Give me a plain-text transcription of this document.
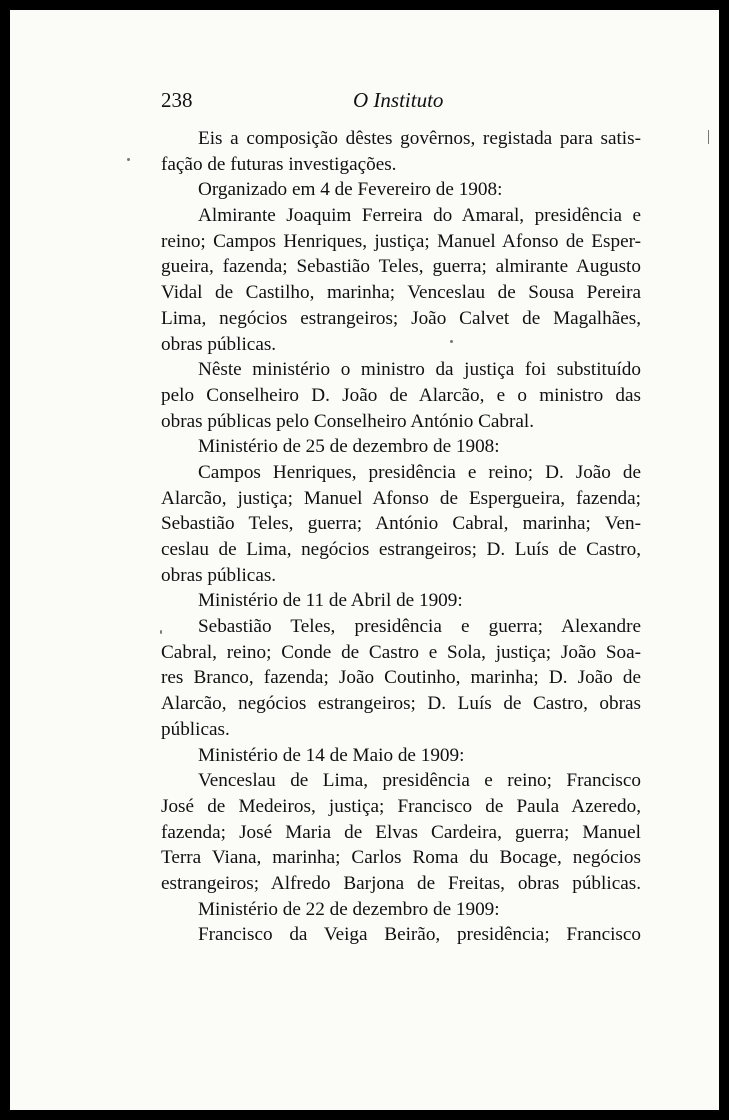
238	O Instituto
Eis a composição dêstes govêrnos, registada para satis-
fação de futuras investigações.
Organizado em 4 de Fevereiro de 1908:
Almirante Joaquim Ferreira do Amaral, presidência e
reino; Campos Henriques, justiça; Manuel Afonso de Esper-
gueira, fazenda; Sebastião Teles, guerra; almirante Augusto
Vidal de Castilho, marinha; Venceslau de Sousa Pereira
Lima, negócios estrangeiros; João Calvet de Magalhães,
obras públicas.
Nêste ministério o ministro da justiça foi substituído
pelo Conselheiro D. João de Alarcão, e o ministro das
obras públicas pelo Conselheiro António Cabral.
Ministério de 25 de dezembro de 1908:
Campos Henriques, presidência e reino; D. João de
Alarcão, justiça; Manuel Afonso de Espergueira, fazenda;
Sebastião Teles, guerra; António Cabral, marinha; Ven-
ceslau de Lima, negócios estrangeiros; D. Luís de Castro,
obras públicas.
Ministério de 11 de Abril de 1909:
Sebastião Teles, presidência e guerra; Alexandre
Cabral, reino; Conde de Castro e Sola, justiça; João Soa-
res Branco, fazenda; João Coutinho, marinha; D. João de
Alarcão, negócios estrangeiros; D. Luís de Castro, obras
públicas.
Ministério de 14 de Maio de 1909:
Venceslau de Lima, presidência e reino; Francisco
José de Medeiros, justiça; Francisco de Paula Azeredo,
fazenda; José Maria de Elvas Cardeira, guerra; Manuel
Terra Viana, marinha; Carlos Roma du Bocage, negócios
estrangeiros; Alfredo Barjona de Freitas, obras públicas.
Ministério de 22 de dezembro de 1909:
Francisco da Veiga Beirão, presidência; Francisco
